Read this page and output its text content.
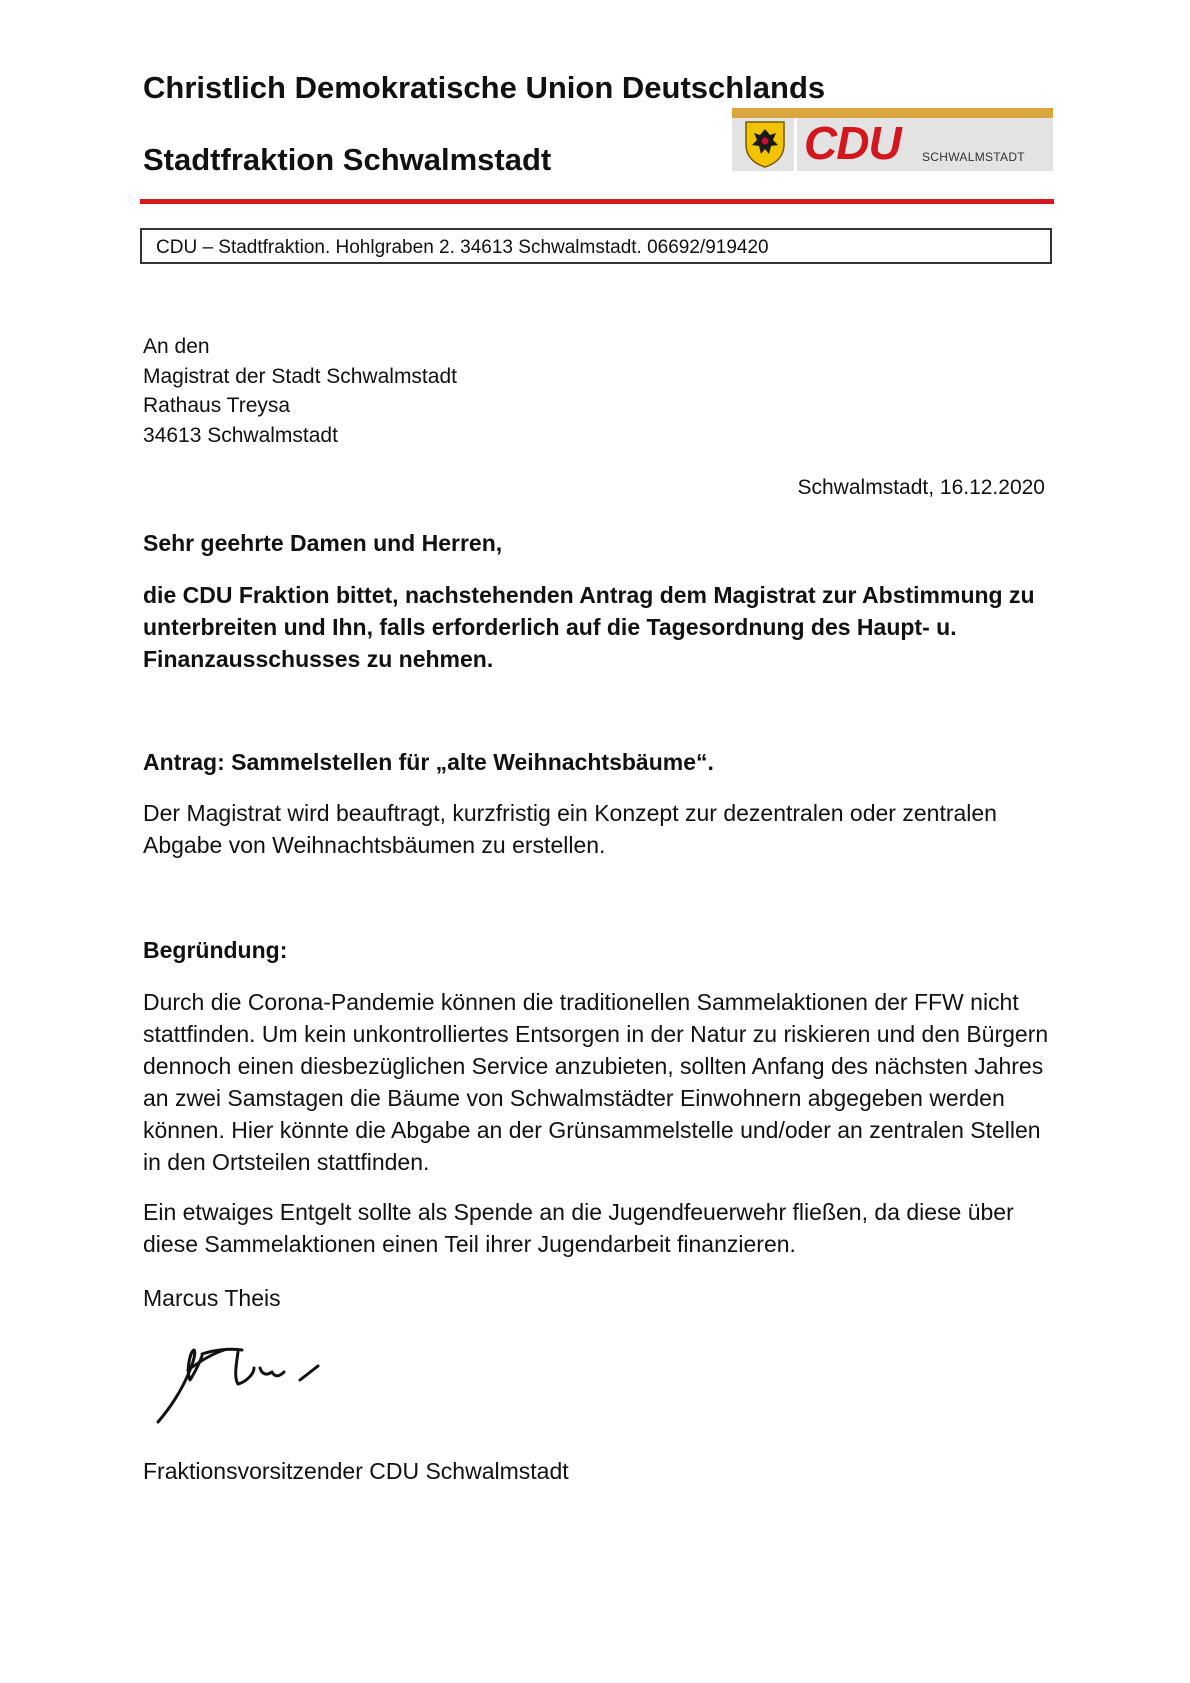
Christlich Demokratische Union Deutschlands
Stadtfraktion Schwalmstadt	CDU SCHWALMSTADT
CDU – Stadtfraktion. Hohlgraben 2. 34613 Schwalmstadt. 06692/919420
An den
Magistrat der Stadt Schwalmstadt
Rathaus Treysa
34613 Schwalmstadt
Schwalmstadt, 16.12.2020
Sehr geehrte Damen und Herren,
die CDU Fraktion bittet, nachstehenden Antrag dem Magistrat zur Abstimmung zu unterbreiten und Ihn, falls erforderlich auf die Tagesordnung des Haupt- u. Finanzausschusses zu nehmen.
Antrag: Sammelstellen für „alte Weihnachtsbäume“.
Der Magistrat wird beauftragt, kurzfristig ein Konzept zur dezentralen oder zentralen Abgabe von Weihnachtsbäumen zu erstellen.
Begründung:
Durch die Corona-Pandemie können die traditionellen Sammelaktionen der FFW nicht stattfinden. Um kein unkontrolliertes Entsorgen in der Natur zu riskieren und den Bürgern dennoch einen diesbezüglichen Service anzubieten, sollten Anfang des nächsten Jahres an zwei Samstagen die Bäume von Schwalmstädter Einwohnern abgegeben werden können. Hier könnte die Abgabe an der Grünsammelstelle und/oder an zentralen Stellen in den Ortsteilen stattfinden.
Ein etwaiges Entgelt sollte als Spende an die Jugendfeuerwehr fließen, da diese über diese Sammelaktionen einen Teil ihrer Jugendarbeit finanzieren.
Marcus Theis
Fraktionsvorsitzender CDU Schwalmstadt
